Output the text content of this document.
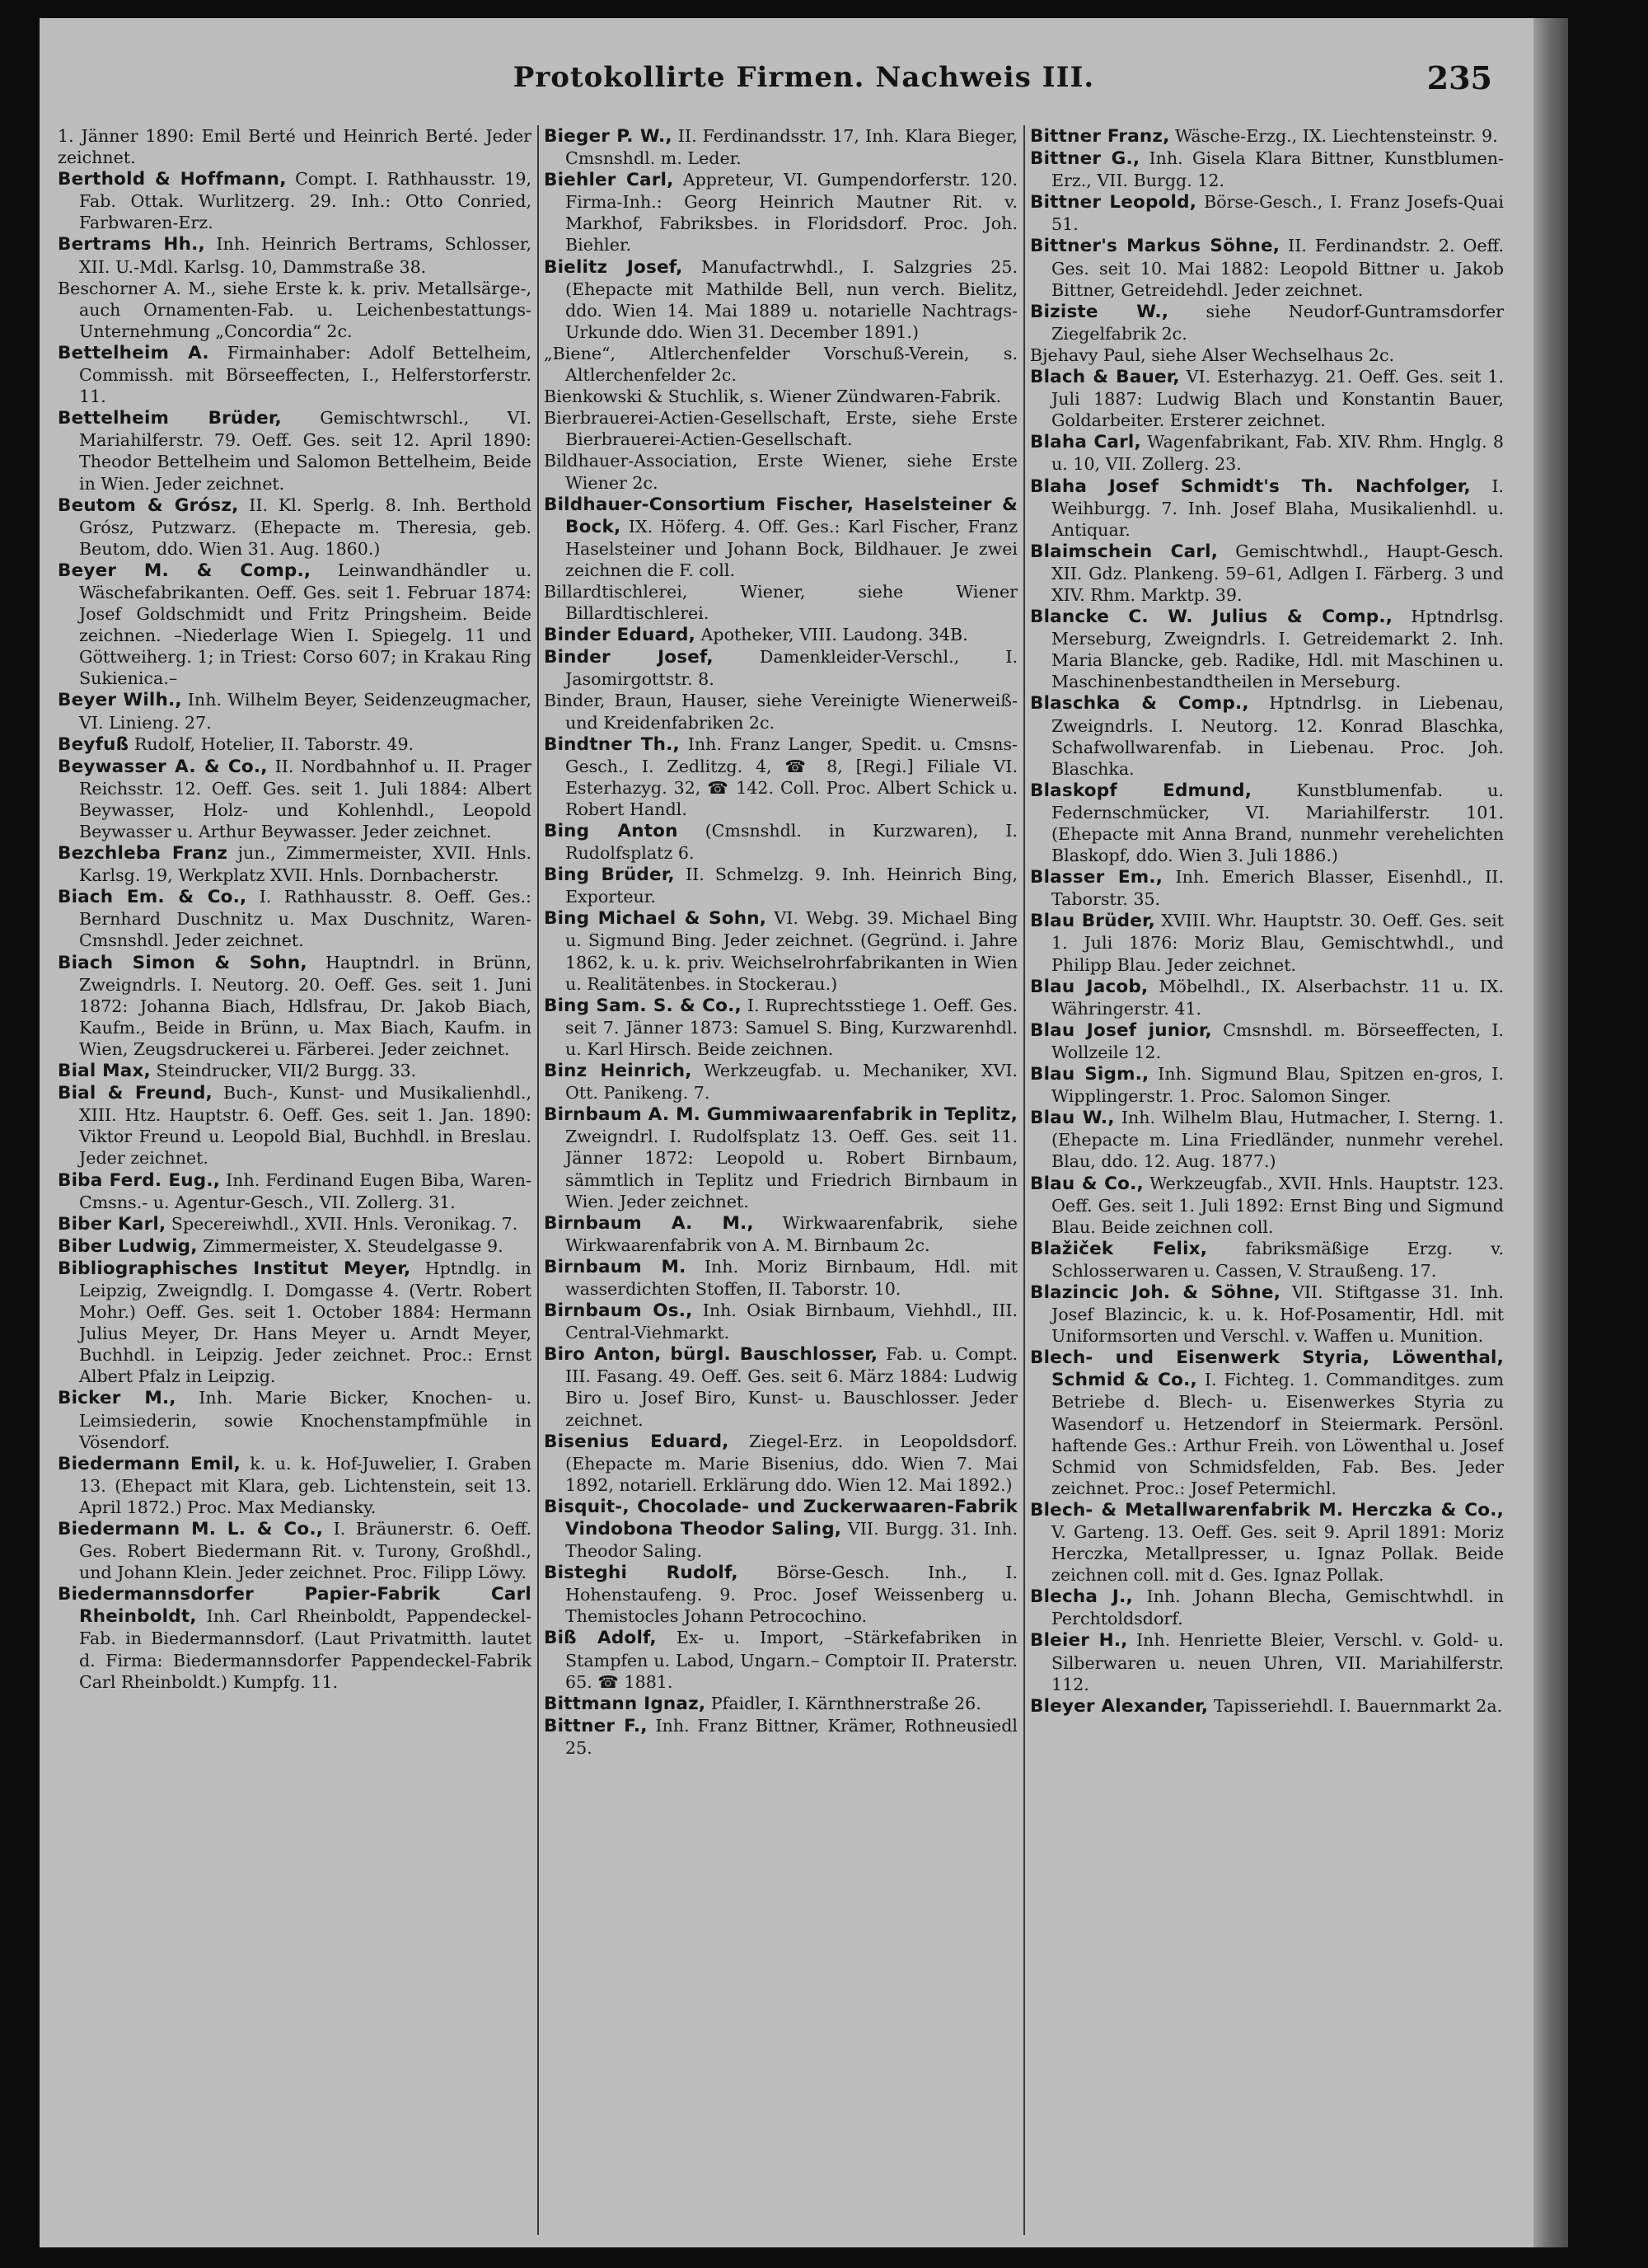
Protokollirte Firmen. Nachweis III.	235

1. Jänner 1890: Emil Berté und Heinrich Berté. Jeder zeichnet.

Berthold & Hoffmann, Compt. I. Rathhausstr. 19, Fab. Ottak. Wurlitzerg. 29. Inh.: Otto Conried, Farbwaren-Erz.

Bertrams Hh., Inh. Heinrich Bertrams, Schlosser, XII. U.-Mdl. Karlsg. 10, Dammstraße 38.

Beschorner A. M., siehe Erste k. k. priv. Metallsärge-, auch Ornamenten-Fab. u. Leichenbestattungs-Unternehmung „Concordia“ 2c.

Bettelheim A. Firmainhaber: Adolf Bettelheim, Commissh. mit Börseeffecten, I., Helferstorferstr. 11.

Bettelheim Brüder, Gemischtwrschl., VI. Mariahilferstr. 79. Oeff. Ges. seit 12. April 1890: Theodor Bettelheim und Salomon Bettelheim, Beide in Wien. Jeder zeichnet.

Beutom & Grósz, II. Kl. Sperlg. 8. Inh. Berthold Grósz, Putzwarz. (Ehepacte m. Theresia, geb. Beutom, ddo. Wien 31. Aug. 1860.)

Beyer M. & Comp., Leinwandhändler u. Wäschefabrikanten. Oeff. Ges. seit 1. Februar 1874: Josef Goldschmidt und Fritz Pringsheim. Beide zeichnen. –Niederlage Wien I. Spiegelg. 11 und Göttweiherg. 1; in Triest: Corso 607; in Krakau Ring Sukienica.–

Beyer Wilh., Inh. Wilhelm Beyer, Seidenzeugmacher, VI. Linieng. 27.

Beyfuß Rudolf, Hotelier, II. Taborstr. 49.

Beywasser A. & Co., II. Nordbahnhof u. II. Prager Reichsstr. 12. Oeff. Ges. seit 1. Juli 1884: Albert Beywasser, Holz- und Kohlenhdl., Leopold Beywasser u. Arthur Beywasser. Jeder zeichnet.

Bezchleba Franz jun., Zimmermeister, XVII. Hnls. Karlsg. 19, Werkplatz XVII. Hnls. Dornbacherstr.

Biach Em. & Co., I. Rathhausstr. 8. Oeff. Ges.: Bernhard Duschnitz u. Max Duschnitz, Waren-Cmsnshdl. Jeder zeichnet.

Biach Simon & Sohn, Hauptndrl. in Brünn, Zweigndrls. I. Neutorg. 20. Oeff. Ges. seit 1. Juni 1872: Johanna Biach, Hdlsfrau, Dr. Jakob Biach, Kaufm., Beide in Brünn, u. Max Biach, Kaufm. in Wien, Zeugsdruckerei u. Färberei. Jeder zeichnet.

Bial Max, Steindrucker, VII/2 Burgg. 33.

Bial & Freund, Buch-, Kunst- und Musikalienhdl., XIII. Htz. Hauptstr. 6. Oeff. Ges. seit 1. Jan. 1890: Viktor Freund u. Leopold Bial, Buchhdl. in Breslau. Jeder zeichnet.

Biba Ferd. Eug., Inh. Ferdinand Eugen Biba, Waren-Cmsns.- u. Agentur-Gesch., VII. Zollerg. 31.

Biber Karl, Specereiwhdl., XVII. Hnls. Veronikag. 7.

Biber Ludwig, Zimmermeister, X. Steudelgasse 9.

Bibliographisches Institut Meyer, Hptndlg. in Leipzig, Zweigndlg. I. Domgasse 4. (Vertr. Robert Mohr.) Oeff. Ges. seit 1. October 1884: Hermann Julius Meyer, Dr. Hans Meyer u. Arndt Meyer, Buchhdl. in Leipzig. Jeder zeichnet. Proc.: Ernst Albert Pfalz in Leipzig.

Bicker M., Inh. Marie Bicker, Knochen- u. Leimsiederin, sowie Knochenstampfmühle in Vösendorf.

Biedermann Emil, k. u. k. Hof-Juwelier, I. Graben 13. (Ehepact mit Klara, geb. Lichtenstein, seit 13. April 1872.) Proc. Max Mediansky.

Biedermann M. L. & Co., I. Bräunerstr. 6. Oeff. Ges. Robert Biedermann Rit. v. Turony, Großhdl., und Johann Klein. Jeder zeichnet. Proc. Filipp Löwy.

Biedermannsdorfer Papier-Fabrik Carl Rheinboldt, Inh. Carl Rheinboldt, Pappendeckel-Fab. in Biedermannsdorf. (Laut Privatmitth. lautet d. Firma: Biedermannsdorfer Pappendeckel-Fabrik Carl Rheinboldt.) Kumpfg. 11.

Bieger P. W., II. Ferdinandsstr. 17, Inh. Klara Bieger, Cmsnshdl. m. Leder.

Biehler Carl, Appreteur, VI. Gumpendorferstr. 120. Firma-Inh.: Georg Heinrich Mautner Rit. v. Markhof, Fabriksbes. in Floridsdorf. Proc. Joh. Biehler.

Bielitz Josef, Manufactrwhdl., I. Salzgries 25. (Ehepacte mit Mathilde Bell, nun verch. Bielitz, ddo. Wien 14. Mai 1889 u. notarielle Nachtrags-Urkunde ddo. Wien 31. December 1891.)

„Biene“, Altlerchenfelder Vorschuß-Verein, s. Altlerchenfelder 2c.

Bienkowski & Stuchlik, s. Wiener Zündwaren-Fabrik.

Bierbrauerei-Actien-Gesellschaft, Erste, siehe Erste Bierbrauerei-Actien-Gesellschaft.

Bildhauer-Association, Erste Wiener, siehe Erste Wiener 2c.

Bildhauer-Consortium Fischer, Haselsteiner & Bock, IX. Höferg. 4. Off. Ges.: Karl Fischer, Franz Haselsteiner und Johann Bock, Bildhauer. Je zwei zeichnen die F. coll.

Billardtischlerei, Wiener, siehe Wiener Billardtischlerei.

Binder Eduard, Apotheker, VIII. Laudong. 34B.

Binder Josef,	Damenkleider-Verschl., I. Jasomirgottstr. 8.

Binder, Braun, Hauser, siehe Vereinigte Wienerweiß- und Kreidenfabriken 2c.

Bindtner Th., Inh. Franz Langer, Spedit. u. Cmsns-Gesch., I. Zedlitzg. 4, ☎ 8, [Regi.] Filiale VI. Esterhazyg. 32, ☎ 142. Coll. Proc. Albert Schick u. Robert Handl.

Bing Anton (Cmsnshdl. in Kurzwaren), I. Rudolfsplatz 6.

Bing Brüder, II. Schmelzg. 9. Inh. Heinrich Bing, Exporteur.

Bing Michael & Sohn, VI. Webg. 39. Michael Bing u. Sigmund Bing. Jeder zeichnet. (Gegründ. i. Jahre 1862, k. u. k. priv. Weichselrohrfabrikanten in Wien u. Realitätenbes. in Stockerau.)

Bing Sam. S. & Co., I. Ruprechtsstiege 1. Oeff. Ges. seit 7. Jänner 1873: Samuel S. Bing, Kurzwarenhdl. u. Karl Hirsch. Beide zeichnen.

Binz Heinrich, Werkzeugfab. u. Mechaniker, XVI. Ott. Panikeng. 7.

Birnbaum A. M. Gummiwaarenfabrik in Teplitz, Zweigndrl. I. Rudolfsplatz 13. Oeff. Ges. seit 11. Jänner 1872: Leopold u. Robert Birnbaum, sämmtlich in Teplitz und Friedrich Birnbaum in Wien. Jeder zeichnet.

Birnbaum A. M., Wirkwaarenfabrik, siehe Wirkwaarenfabrik von A. M. Birnbaum 2c.

Birnbaum M. Inh. Moriz Birnbaum, Hdl. mit wasserdichten Stoffen, II. Taborstr. 10.

Birnbaum Os., Inh. Osiak Birnbaum, Viehhdl., III. Central-Viehmarkt.

Biro Anton, bürgl. Bauschlosser, Fab. u. Compt. III. Fasang. 49. Oeff. Ges. seit 6. März 1884: Ludwig Biro u. Josef Biro, Kunst- u. Bauschlosser. Jeder zeichnet.

Bisenius Eduard, Ziegel-Erz. in Leopoldsdorf. (Ehepacte m. Marie Bisenius, ddo. Wien 7. Mai 1892, notariell. Erklärung ddo. Wien 12. Mai 1892.)

Bisquit-, Chocolade- und Zuckerwaaren-Fabrik Vindobona Theodor Saling, VII. Burgg. 31. Inh. Theodor Saling.

Bisteghi Rudolf, Börse-Gesch. Inh., I. Hohenstaufeng. 9. Proc. Josef Weissenberg u. Themistocles Johann Petrocochino.

Biß Adolf, Ex- u. Import, –Stärkefabriken in Stampfen u. Labod, Ungarn.– Comptoir II. Praterstr. 65. ☎ 1881.

Bittmann Ignaz, Pfaidler, I. Kärnthnerstraße 26.

Bittner F., Inh. Franz Bittner, Krämer, Rothneusiedl 25.

Bittner Franz, Wäsche-Erzg., IX. Liechtensteinstr. 9.

Bittner G., Inh. Gisela Klara Bittner, Kunstblumen-Erz., VII. Burgg. 12.

Bittner Leopold, Börse-Gesch., I. Franz Josefs-Quai 51.

Bittner's Markus Söhne, II. Ferdinandstr. 2. Oeff. Ges. seit 10. Mai 1882: Leopold Bittner u. Jakob Bittner, Getreidehdl. Jeder zeichnet.

Biziste W., siehe Neudorf-Guntramsdorfer Ziegelfabrik 2c.

Bjehavy Paul, siehe Alser Wechselhaus 2c.

Blach & Bauer, VI. Esterhazyg. 21. Oeff. Ges. seit 1. Juli 1887: Ludwig Blach und Konstantin Bauer, Goldarbeiter. Ersterer zeichnet.

Blaha Carl, Wagenfabrikant, Fab. XIV. Rhm. Hnglg. 8 u. 10, VII. Zollerg. 23.

Blaha Josef Schmidt's Th. Nachfolger, I. Weihburgg. 7. Inh. Josef Blaha, Musikalienhdl. u. Antiquar.

Blaimschein Carl, Gemischtwhdl., Haupt-Gesch. XII. Gdz. Plankeng. 59–61, Adlgen I. Färberg. 3 und XIV. Rhm. Marktp. 39.

Blancke C. W. Julius & Comp., Hptndrlsg. Merseburg, Zweigndrls. I. Getreidemarkt 2. Inh. Maria Blancke, geb. Radike, Hdl. mit Maschinen u. Maschinenbestandtheilen in Merseburg.

Blaschka & Comp., Hptndrlsg. in Liebenau, Zweigndrls. I. Neutorg. 12. Konrad Blaschka, Schafwollwarenfab. in Liebenau. Proc. Joh. Blaschka.

Blaskopf Edmund,	Kunstblumenfab. u. Federnschmücker, VI. Mariahilferstr. 101. (Ehepacte mit Anna Brand, nunmehr verehelichten Blaskopf, ddo. Wien 3. Juli 1886.)

Blasser Em., Inh. Emerich Blasser, Eisenhdl., II. Taborstr. 35.

Blau Brüder, XVIII. Whr. Hauptstr. 30. Oeff. Ges. seit 1. Juli 1876: Moriz Blau, Gemischtwhdl., und Philipp Blau. Jeder zeichnet.

Blau Jacob, Möbelhdl., IX. Alserbachstr. 11 u. IX. Währingerstr. 41.

Blau Josef junior, Cmsnshdl. m. Börseeffecten, I. Wollzeile 12.

Blau Sigm., Inh. Sigmund Blau, Spitzen en-gros, I. Wipplingerstr. 1. Proc. Salomon Singer.

Blau W., Inh. Wilhelm Blau, Hutmacher, I. Sterng. 1. (Ehepacte m. Lina Friedländer, nunmehr verehel. Blau, ddo. 12. Aug. 1877.)

Blau & Co., Werkzeugfab., XVII. Hnls. Hauptstr. 123. Oeff. Ges. seit 1. Juli 1892: Ernst Bing und Sigmund Blau. Beide zeichnen coll.

Blažiček Felix, fabriksmäßige Erzg. v. Schlosserwaren u. Cassen, V. Straußeng. 17.

Blazincic Joh. & Söhne, VII. Stiftgasse 31. Inh. Josef Blazincic, k. u. k. Hof-Posamentir, Hdl. mit Uniformsorten und Verschl. v. Waffen u. Munition.

Blech- und Eisenwerk Styria, Löwenthal, Schmid & Co., I. Fichteg. 1. Commanditges. zum Betriebe d. Blech- u. Eisenwerkes Styria zu Wasendorf u. Hetzendorf in Steiermark. Persönl. haftende Ges.: Arthur Freih. von Löwenthal u. Josef Schmid von Schmidsfelden, Fab. Bes. Jeder zeichnet. Proc.: Josef Petermichl.

Blech- & Metallwarenfabrik M. Herczka & Co., V. Garteng. 13. Oeff. Ges. seit 9. April 1891: Moriz Herczka, Metallpresser, u. Ignaz Pollak. Beide zeichnen coll. mit d. Ges. Ignaz Pollak.

Blecha J., Inh. Johann Blecha, Gemischtwhdl. in Perchtoldsdorf.

Bleier H., Inh. Henriette Bleier, Verschl. v. Gold- u. Silberwaren u. neuen Uhren, VII. Mariahilferstr. 112.

Bleyer Alexander, Tapisseriehdl. I. Bauernmarkt 2a.
